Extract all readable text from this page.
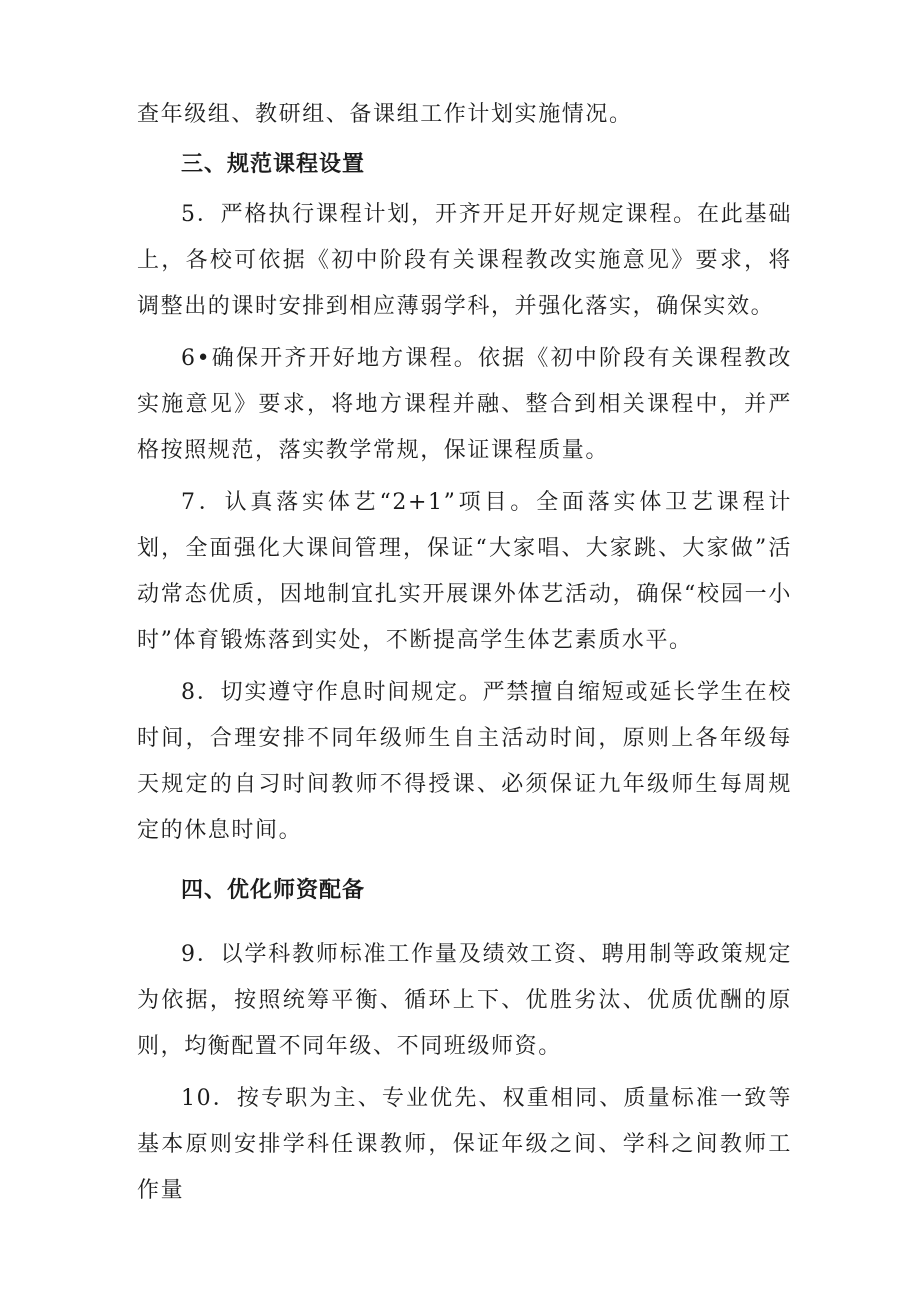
查年级组、教研组、备课组工作计划实施情况。

三、规范课程设置

5．严格执行课程计划，开齐开足开好规定课程。在此基础上，各校可依据《初中阶段有关课程教改实施意见》要求，将调整出的课时安排到相应薄弱学科，并强化落实，确保实效。

6•确保开齐开好地方课程。依据《初中阶段有关课程教改实施意见》要求，将地方课程并融、整合到相关课程中，并严格按照规范，落实教学常规，保证课程质量。

7．认真落实体艺“2+1”项目。全面落实体卫艺课程计划，全面强化大课间管理，保证“大家唱、大家跳、大家做”活动常态优质，因地制宜扎实开展课外体艺活动，确保“校园一小时”体育锻炼落到实处，不断提高学生体艺素质水平。

8．切实遵守作息时间规定。严禁擅自缩短或延长学生在校时间，合理安排不同年级师生自主活动时间，原则上各年级每天规定的自习时间教师不得授课、必须保证九年级师生每周规定的休息时间。

四、优化师资配备

9．以学科教师标准工作量及绩效工资、聘用制等政策规定为依据，按照统筹平衡、循环上下、优胜劣汰、优质优酬的原则，均衡配置不同年级、不同班级师资。

10．按专职为主、专业优先、权重相同、质量标准一致等基本原则安排学科任课教师，保证年级之间、学科之间教师工作量
